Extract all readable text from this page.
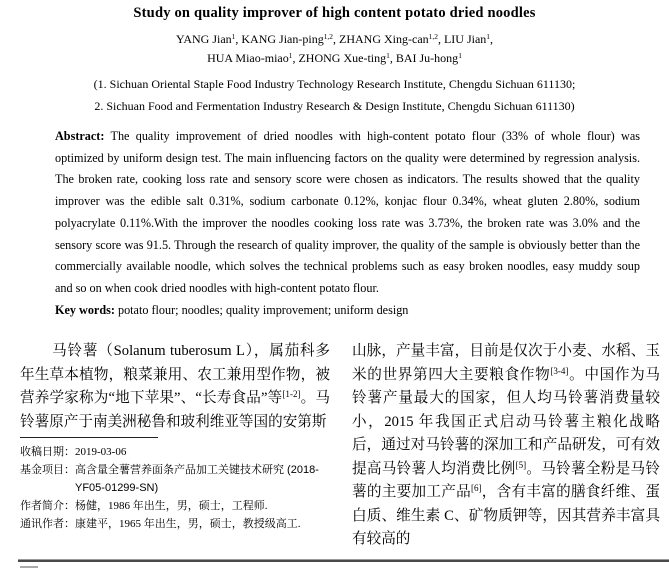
Study on quality improver of high content potato dried noodles
YANG Jian$^1$, KANG Jian-ping$^{1,2}$, ZHANG Xing-can$^{1,2}$, LIU Jian$^1$,
HUA Miao-miao$^1$, ZHONG Xue-ting$^1$, BAI Ju-hong$^1$
(1. Sichuan Oriental Staple Food Industry Technology Research Institute, Chengdu Sichuan 611130;
2. Sichuan Food and Fermentation Industry Research & Design Institute, Chengdu Sichuan 611130)

Abstract: The quality improvement of dried noodles with high-content potato flour (33% of whole flour) was optimized by uniform design test. The main influencing factors on the quality were determined by regression analysis. The broken rate, cooking loss rate and sensory score were chosen as indicators. The results showed that the quality improver was the edible salt 0.31%, sodium carbonate 0.12%, konjac flour 0.34%, wheat gluten 2.80%, sodium polyacrylate 0.11%.With the improver the noodles cooking loss rate was 3.73%, the broken rate was 3.0% and the sensory score was 91.5. Through the research of quality improver, the quality of the sample is obviously better than the commercially available noodle, which solves the technical problems such as easy broken noodles, easy muddy soup and so on when cook dried noodles with high-content potato flour.

Key words: potato flour; noodles; quality improvement; uniform design

马铃薯（Solanum tuberosum L），属茄科多年生草本植物，粮菜兼用、农工兼用型作物，被营养学家称为“地下苹果”、“长寿食品”等[1-2]。马铃薯原产于南美洲秘鲁和玻利维亚等国的安第斯

收稿日期： 2019-03-06
基金项目： 高含量全薯营养面条产品加工关键技术研究 (2018-YF05-01299-SN)
作者简介： 杨健，1986 年出生，男，硕士，工程师.
通讯作者： 康建平，1965 年出生，男，硕士，教授级高工.

山脉，产量丰富，目前是仅次于小麦、水稻、玉米的世界第四大主要粮食作物[3-4]。中国作为马铃薯产量最大的国家，但人均马铃薯消费量较小，2015 年我国正式启动马铃薯主粮化战略后，通过对马铃薯的深加工和产品研发，可有效提高马铃薯人均消费比例[5]。马铃薯全粉是马铃薯的主要加工产品[6]，含有丰富的膳食纤维、蛋白质、维生素 C、矿物质钾等，因其营养丰富具有较高的
